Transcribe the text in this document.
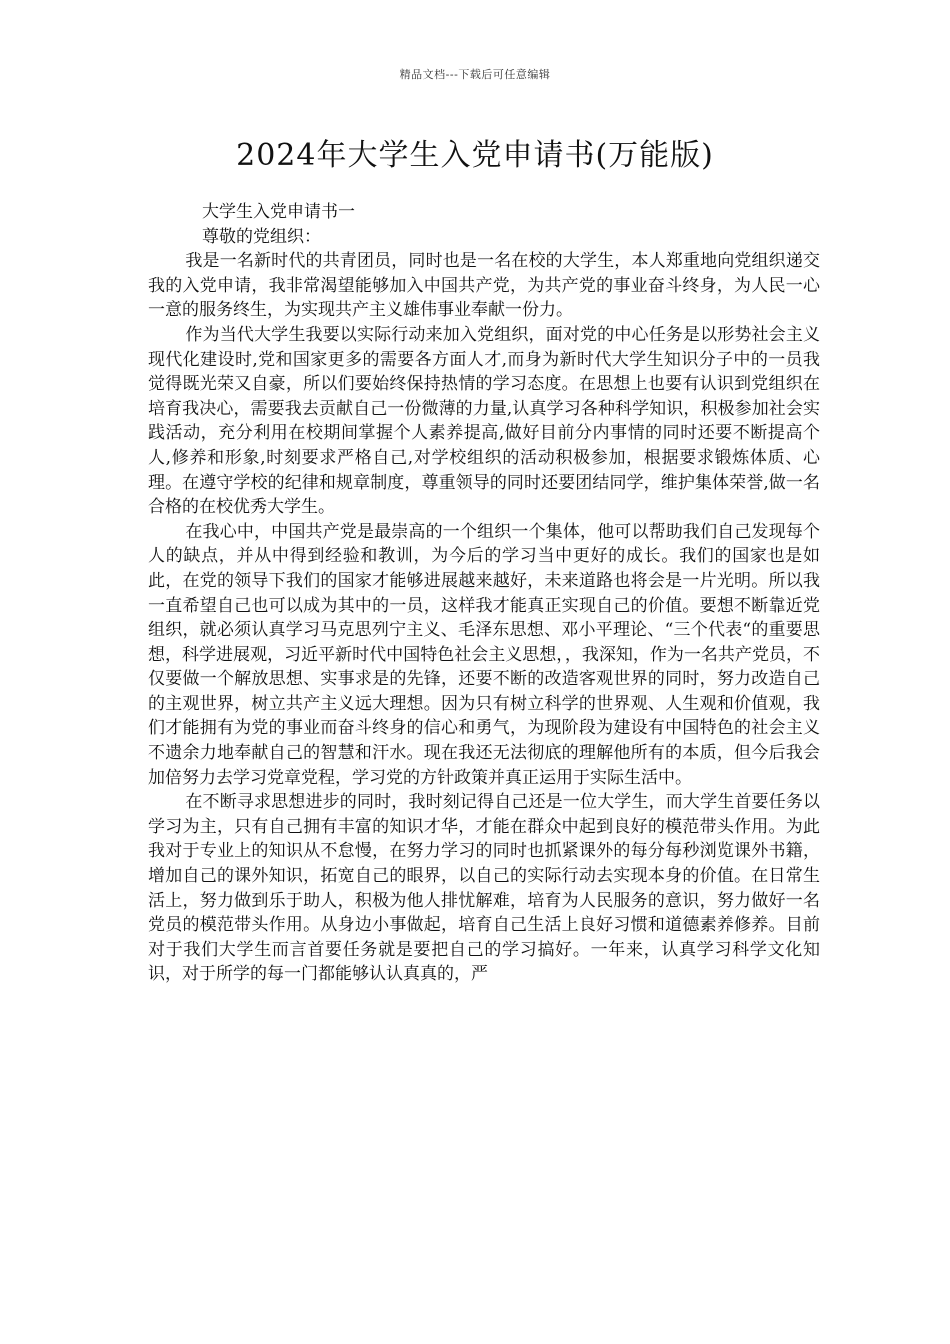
精品文档---下载后可任意编辑
2024年大学生入党申请书(万能版)

大学生入党申请书一

尊敬的党组织：

我是一名新时代的共青团员，同时也是一名在校的大学生，本人郑重地向党组织递交我的入党申请，我非常渴望能够加入中国共产党，为共产党的事业奋斗终身，为人民一心一意的服务终生，为实现共产主义雄伟事业奉献一份力。

作为当代大学生我要以实际行动来加入党组织，面对党的中心任务是以形势社会主义现代化建设时,党和国家更多的需要各方面人才,而身为新时代大学生知识分子中的一员我觉得既光荣又自豪，所以们要始终保持热情的学习态度。在思想上也要有认识到党组织在培育我决心，需要我去贡献自己一份微薄的力量,认真学习各种科学知识，积极参加社会实践活动，充分利用在校期间掌握个人素养提高,做好目前分内事情的同时还要不断提高个人,修养和形象,时刻要求严格自己,对学校组织的活动积极参加，根据要求锻炼体质、心理。在遵守学校的纪律和规章制度，尊重领导的同时还要团结同学，维护集体荣誉,做一名合格的在校优秀大学生。

在我心中，中国共产党是最崇高的一个组织一个集体，他可以帮助我们自己发现每个人的缺点，并从中得到经验和教训，为今后的学习当中更好的成长。我们的国家也是如此，在党的领导下我们的国家才能够进展越来越好，未来道路也将会是一片光明。所以我一直希望自己也可以成为其中的一员，这样我才能真正实现自己的价值。要想不断靠近党组织，就必须认真学习马克思列宁主义、毛泽东思想、邓小平理论、“三个代表“的重要思想，科学进展观，习近平新时代中国特色社会主义思想，，我深知，作为一名共产党员，不仅要做一个解放思想、实事求是的先锋，还要不断的改造客观世界的同时，努力改造自己的主观世界，树立共产主义远大理想。因为只有树立科学的世界观、人生观和价值观，我们才能拥有为党的事业而奋斗终身的信心和勇气，为现阶段为建设有中国特色的社会主义不遗余力地奉献自己的智慧和汗水。现在我还无法彻底的理解他所有的本质，但今后我会加倍努力去学习党章党程，学习党的方针政策并真正运用于实际生活中。

在不断寻求思想进步的同时，我时刻记得自己还是一位大学生，而大学生首要任务以学习为主，只有自己拥有丰富的知识才华，才能在群众中起到良好的模范带头作用。为此我对于专业上的知识从不怠慢，在努力学习的同时也抓紧课外的每分每秒浏览课外书籍，增加自己的课外知识，拓宽自己的眼界，以自己的实际行动去实现本身的价值。在日常生活上，努力做到乐于助人，积极为他人排忧解难，培育为人民服务的意识，努力做好一名党员的模范带头作用。从身边小事做起，培育自己生活上良好习惯和道德素养修养。目前对于我们大学生而言首要任务就是要把自己的学习搞好。一年来，认真学习科学文化知识，对于所学的每一门都能够认认真真的，严
